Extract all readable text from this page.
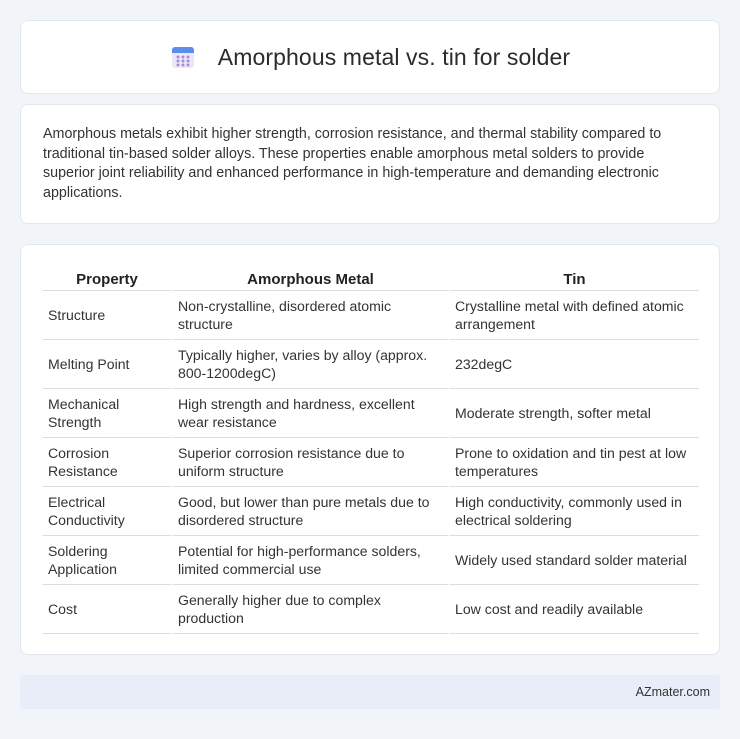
Amorphous metal vs. tin for solder

Amorphous metals exhibit higher strength, corrosion resistance, and thermal stability compared to traditional tin-based solder alloys. These properties enable amorphous metal solders to provide superior joint reliability and enhanced performance in high-temperature and demanding electronic applications.

Property	Amorphous Metal	Tin
Structure	Non-crystalline, disordered atomic structure	Crystalline metal with defined atomic arrangement
Melting Point	Typically higher, varies by alloy (approx. 800-1200degC)	232degC
Mechanical Strength	High strength and hardness, excellent wear resistance	Moderate strength, softer metal
Corrosion Resistance	Superior corrosion resistance due to uniform structure	Prone to oxidation and tin pest at low temperatures
Electrical Conductivity	Good, but lower than pure metals due to disordered structure	High conductivity, commonly used in electrical soldering
Soldering Application	Potential for high-performance solders, limited commercial use	Widely used standard solder material
Cost	Generally higher due to complex production	Low cost and readily available
AZmater.com
